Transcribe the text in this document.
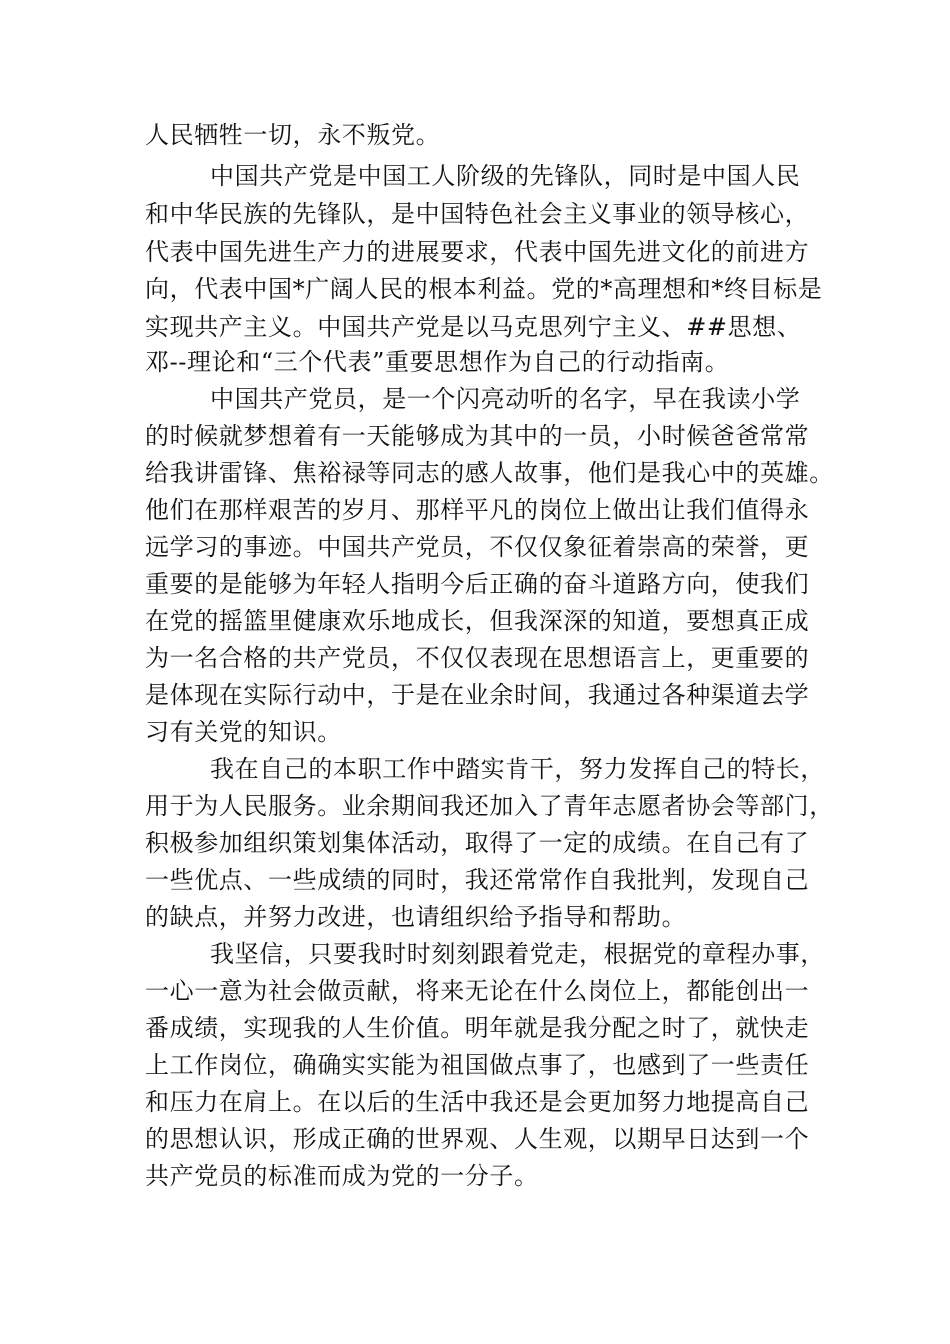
人民牺牲一切，永不叛党。
中国共产党是中国工人阶级的先锋队，同时是中国人民
和中华民族的先锋队，是中国特色社会主义事业的领导核心，
代表中国先进生产力的进展要求，代表中国先进文化的前进方
向，代表中国*广阔人民的根本利益。党的*高理想和*终目标是
实现共产主义。中国共产党是以马克思列宁主义、##思想、
邓--理论和“三个代表”重要思想作为自己的行动指南。
中国共产党员，是一个闪亮动听的名字，早在我读小学
的时候就梦想着有一天能够成为其中的一员，小时候爸爸常常
给我讲雷锋、焦裕禄等同志的感人故事，他们是我心中的英雄。
他们在那样艰苦的岁月、那样平凡的岗位上做出让我们值得永
远学习的事迹。中国共产党员，不仅仅象征着崇高的荣誉，更
重要的是能够为年轻人指明今后正确的奋斗道路方向，使我们
在党的摇篮里健康欢乐地成长，但我深深的知道，要想真正成
为一名合格的共产党员，不仅仅表现在思想语言上，更重要的
是体现在实际行动中，于是在业余时间，我通过各种渠道去学
习有关党的知识。
我在自己的本职工作中踏实肯干，努力发挥自己的特长，
用于为人民服务。业余期间我还加入了青年志愿者协会等部门，
积极参加组织策划集体活动，取得了一定的成绩。在自己有了
一些优点、一些成绩的同时，我还常常作自我批判，发现自己
的缺点，并努力改进，也请组织给予指导和帮助。
我坚信，只要我时时刻刻跟着党走，根据党的章程办事，
一心一意为社会做贡献，将来无论在什么岗位上，都能创出一
番成绩，实现我的人生价值。明年就是我分配之时了，就快走
上工作岗位，确确实实能为祖国做点事了，也感到了一些责任
和压力在肩上。在以后的生活中我还是会更加努力地提高自己
的思想认识，形成正确的世界观、人生观，以期早日达到一个
共产党员的标准而成为党的一分子。
